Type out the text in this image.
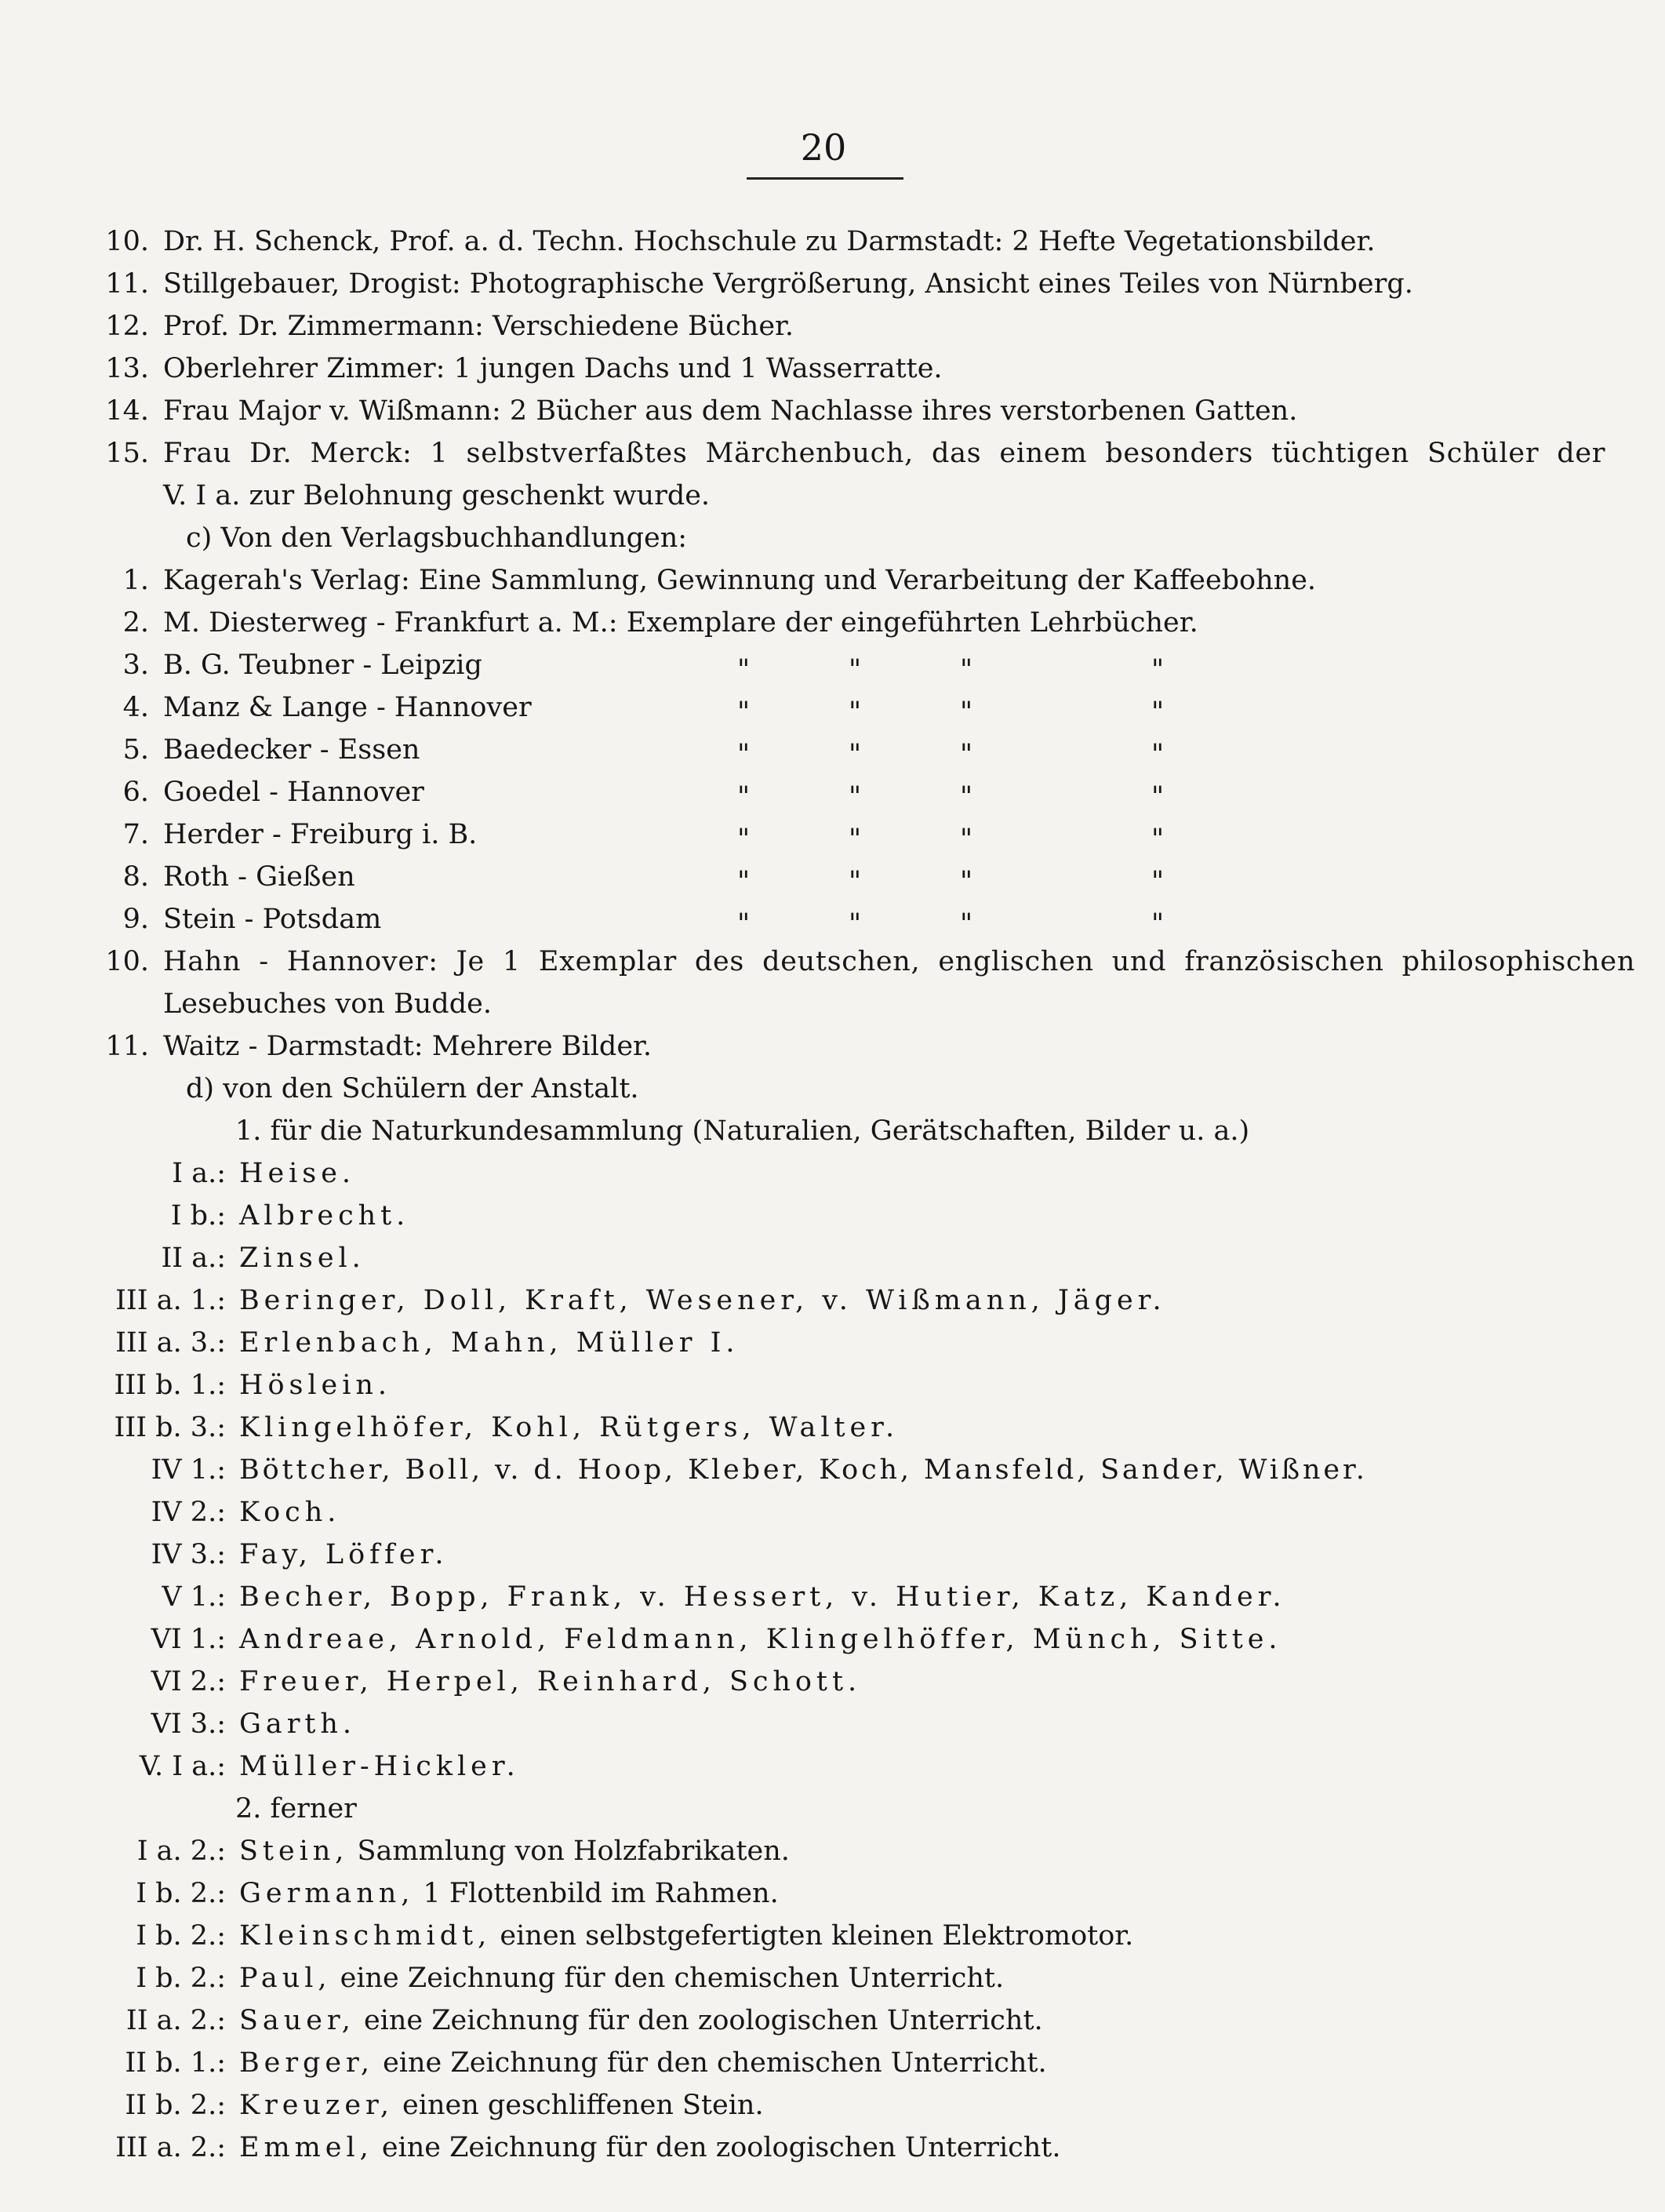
20
10. Dr. H. Schenck, Prof. a. d. Techn. Hochschule zu Darmstadt: 2 Hefte Vegetationsbilder.
11. Stillgebauer, Drogist: Photographische Vergrößerung, Ansicht eines Teiles von Nürnberg.
12. Prof. Dr. Zimmermann: Verschiedene Bücher.
13. Oberlehrer Zimmer: 1 jungen Dachs und 1 Wasserratte.
14. Frau Major v. Wißmann: 2 Bücher aus dem Nachlasse ihres verstorbenen Gatten.
15. Frau Dr. Merck: 1 selbstverfaßtes Märchenbuch, das einem besonders tüchtigen Schüler der
V. I a. zur Belohnung geschenkt wurde.
c) Von den Verlagsbuchhandlungen:
1. Kagerah's Verlag: Eine Sammlung, Gewinnung und Verarbeitung der Kaffeebohne.
2. M. Diesterweg - Frankfurt a. M.: Exemplare der eingeführten Lehrbücher.
3. B. G. Teubner - Leipzig	"	"	"	"
4. Manz & Lange - Hannover	"	"	"	"
5. Baedecker - Essen	"	"	"	"
6. Goedel - Hannover	"	"	"	"
7. Herder - Freiburg i. B.	"	"	"	"
8. Roth - Gießen	"	"	"	"
9. Stein - Potsdam	"	"	"	"
10. Hahn - Hannover: Je 1 Exemplar des deutschen, englischen und französischen philosophischen
Lesebuches von Budde.
11. Waitz - Darmstadt: Mehrere Bilder.
d) von den Schülern der Anstalt.
1. für die Naturkundesammlung (Naturalien, Gerätschaften, Bilder u. a.)
I a.: Heise.
I b.: Albrecht.
II a.: Zinsel.
III a. 1.: Beringer, Doll, Kraft, Wesener, v. Wißmann, Jäger.
III a. 3.: Erlenbach, Mahn, Müller I.
III b. 1.: Höslein.
III b. 3.: Klingelhöfer, Kohl, Rütgers, Walter.
IV 1.: Böttcher, Boll, v. d. Hoop, Kleber, Koch, Mansfeld, Sander, Wißner.
IV 2.: Koch.
IV 3.: Fay, Löffer.
V 1.: Becher, Bopp, Frank, v. Hessert, v. Hutier, Katz, Kander.
VI 1.: Andreae, Arnold, Feldmann, Klingelhöffer, Münch, Sitte.
VI 2.: Freuer, Herpel, Reinhard, Schott.
VI 3.: Garth.
V. I a.: Müller-Hickler.
2. ferner
I a. 2.: Stein, Sammlung von Holzfabrikaten.
I b. 2.: Germann, 1 Flottenbild im Rahmen.
I b. 2.: Kleinschmidt, einen selbstgefertigten kleinen Elektromotor.
I b. 2.: Paul, eine Zeichnung für den chemischen Unterricht.
II a. 2.: Sauer, eine Zeichnung für den zoologischen Unterricht.
II b. 1.: Berger, eine Zeichnung für den chemischen Unterricht.
II b. 2.: Kreuzer, einen geschliffenen Stein.
III a. 2.: Emmel, eine Zeichnung für den zoologischen Unterricht.
